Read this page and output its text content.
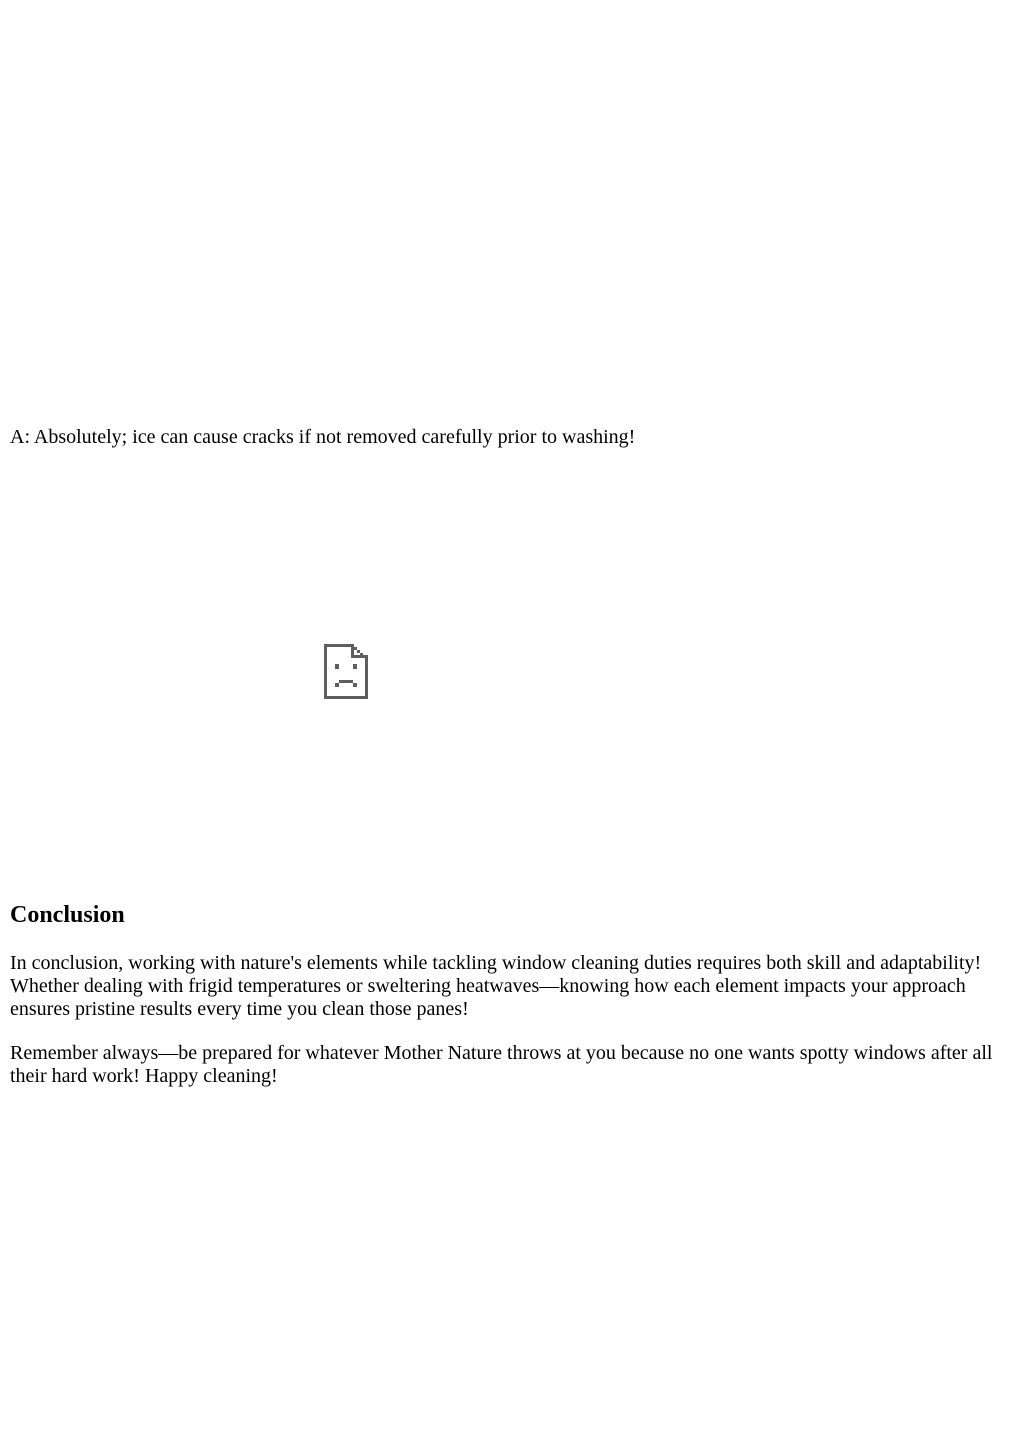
A: Absolutely; ice can cause cracks if not removed carefully prior to washing!

Conclusion

In conclusion, working with nature's elements while tackling window cleaning duties requires both skill and adaptability! Whether dealing with frigid temperatures or sweltering heatwaves—knowing how each element impacts your approach ensures pristine results every time you clean those panes!

Remember always—be prepared for whatever Mother Nature throws at you because no one wants spotty windows after all their hard work! Happy cleaning!
